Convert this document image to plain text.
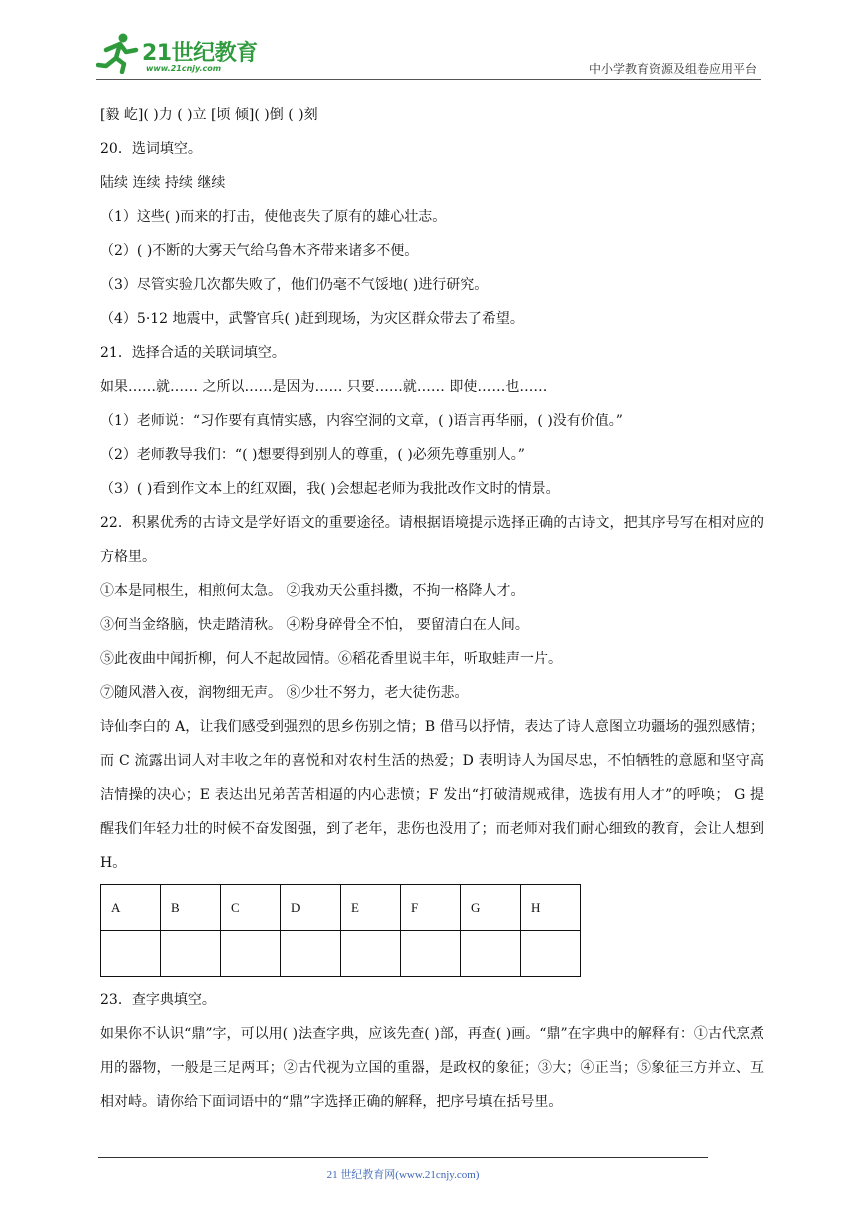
21世纪教育
www.21cnjy.com	中小学教育资源及组卷应用平台
[毅 屹]( )力 ( )立 [顷 倾]( )倒 ( )刻
20．选词填空。
陆续 连续 持续 继续
（1）这些( )而来的打击，使他丧失了原有的雄心壮志。
（2）( )不断的大雾天气给乌鲁木齐带来诸多不便。
（3）尽管实验几次都失败了，他们仍毫不气馁地( )进行研究。
（4）5·12 地震中，武警官兵( )赶到现场，为灾区群众带去了希望。
21．选择合适的关联词填空。
如果……就…… 之所以……是因为…… 只要……就…… 即使……也……
（1）老师说：“习作要有真情实感，内容空洞的文章，( )语言再华丽，( )没有价值。”
（2）老师教导我们：“( )想要得到别人的尊重，( )必须先尊重别人。”
（3）( )看到作文本上的红双圈，我( )会想起老师为我批改作文时的情景。
22．积累优秀的古诗文是学好语文的重要途径。请根据语境提示选择正确的古诗文，把其序号写在相对应的方格里。
①本是同根生，相煎何太急。 ②我劝天公重抖擞，不拘一格降人才。
③何当金络脑，快走踏清秋。 ④粉身碎骨全不怕， 要留清白在人间。
⑤此夜曲中闻折柳，何人不起故园情。⑥稻花香里说丰年，听取蛙声一片。
⑦随风潜入夜，润物细无声。 ⑧少壮不努力，老大徒伤悲。
诗仙李白的 A，让我们感受到强烈的思乡伤别之情；B 借马以抒情，表达了诗人意图立功疆场的强烈感情；而 C 流露出词人对丰收之年的喜悦和对农村生活的热爱；D 表明诗人为国尽忠，不怕牺牲的意愿和坚守高洁情操的决心；E 表达出兄弟苦苦相逼的内心悲愤；F 发出“打破清规戒律，选拔有用人才”的呼唤； G 提醒我们年轻力壮的时候不奋发图强，到了老年，悲伤也没用了；而老师对我们耐心细致的教育，会让人想到 H。
A	B	C	D	E	F	G	H

23．查字典填空。
如果你不认识“鼎”字，可以用( )法查字典，应该先查( )部，再查( )画。“鼎”在字典中的解释有：①古代烹煮用的器物，一般是三足两耳；②古代视为立国的重器，是政权的象征；③大；④正当；⑤象征三方并立、互相对峙。请你给下面词语中的“鼎”字选择正确的解释，把序号填在括号里。
21 世纪教育网(www.21cnjy.com)
